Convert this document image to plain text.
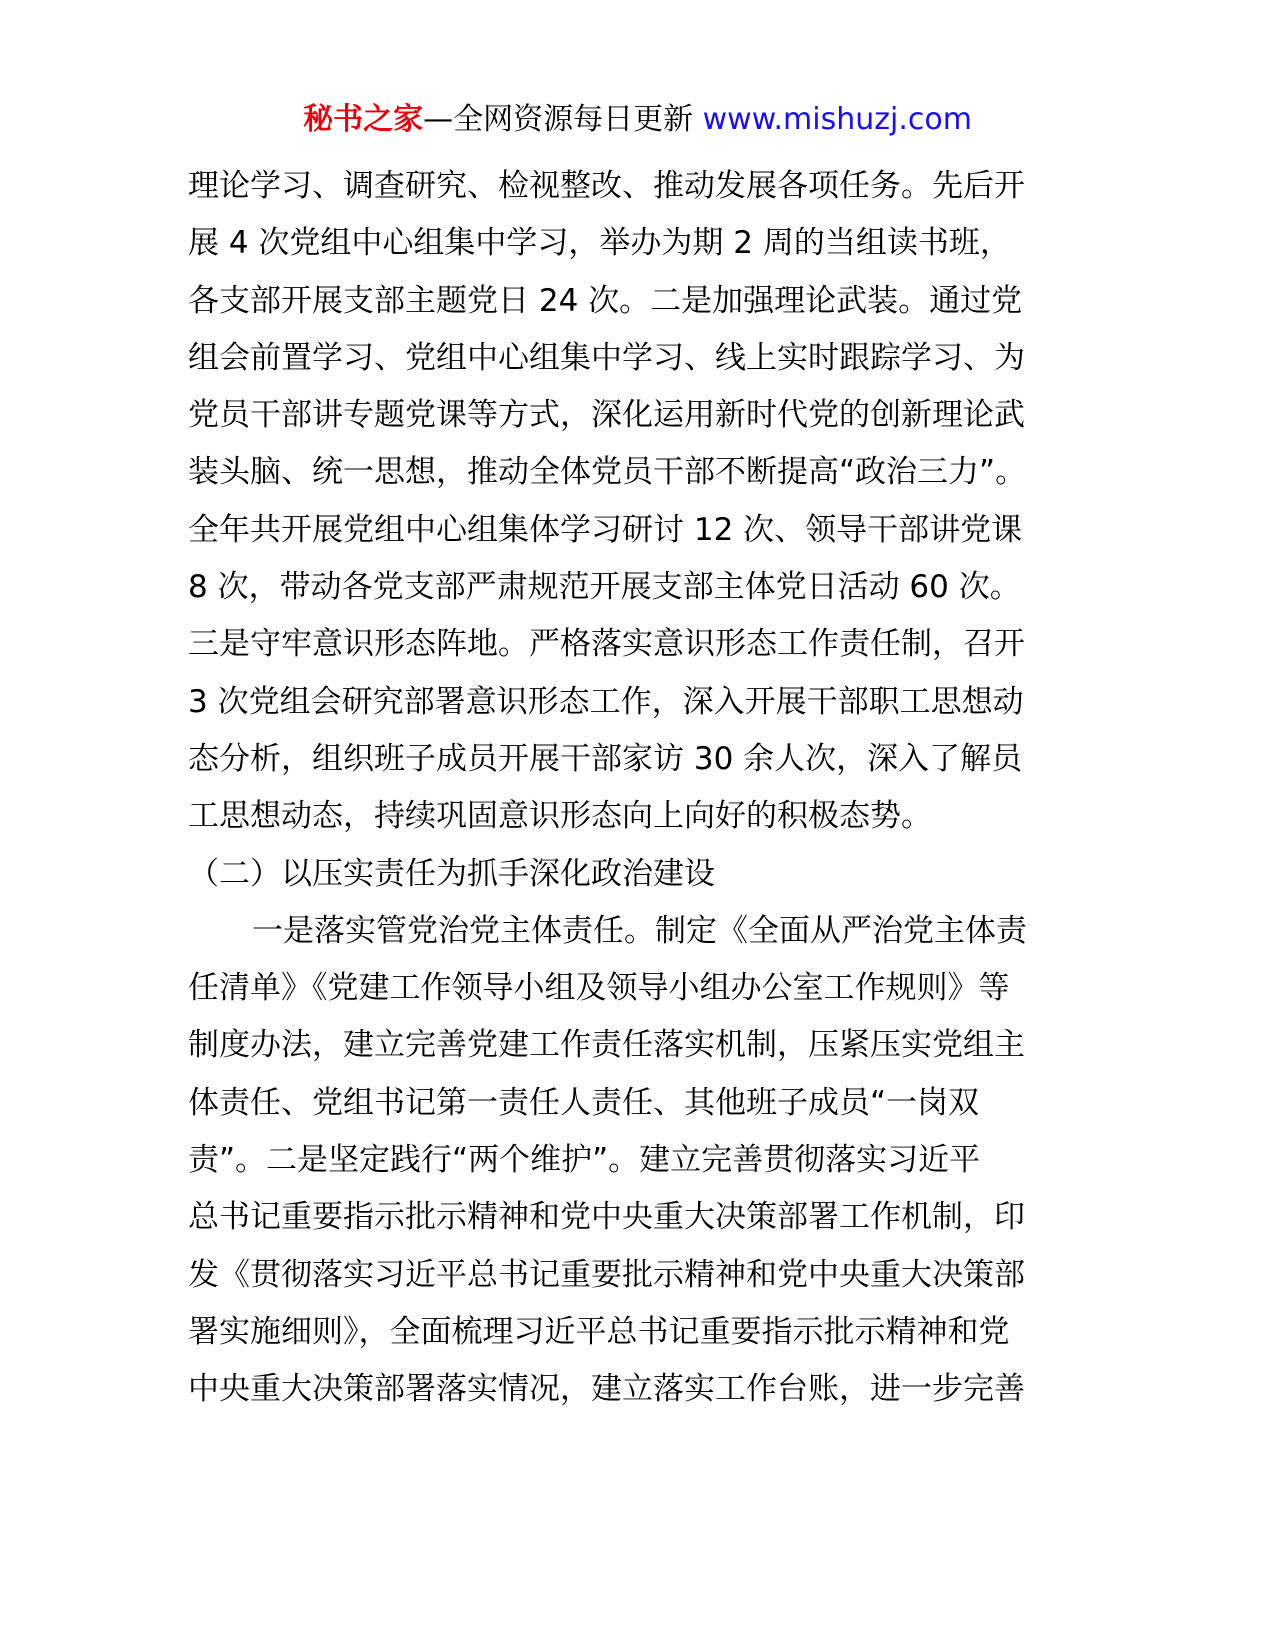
秘书之家—全网资源每日更新 www.mishuzj.com
理论学习、调查研究、检视整改、推动发展各项任务。先后开
展 4 次党组中心组集中学习，举办为期 2 周的当组读书班，
各支部开展支部主题党日 24 次。二是加强理论武装。通过党
组会前置学习、党组中心组集中学习、线上实时跟踪学习、为
党员干部讲专题党课等方式，深化运用新时代党的创新理论武
装头脑、统一思想，推动全体党员干部不断提高“政治三力”。
全年共开展党组中心组集体学习研讨 12 次、领导干部讲党课
8 次，带动各党支部严肃规范开展支部主体党日活动 60 次。
三是守牢意识形态阵地。严格落实意识形态工作责任制，召开
3 次党组会研究部署意识形态工作，深入开展干部职工思想动
态分析，组织班子成员开展干部家访 30 余人次，深入了解员
工思想动态，持续巩固意识形态向上向好的积极态势。
（二）以压实责任为抓手深化政治建设
一是落实管党治党主体责任。制定《全面从严治党主体责
任清单》《党建工作领导小组及领导小组办公室工作规则》等
制度办法，建立完善党建工作责任落实机制，压紧压实党组主
体责任、党组书记第一责任人责任、其他班子成员“一岗双
责”。二是坚定践行“两个维护”。建立完善贯彻落实习近平
总书记重要指示批示精神和党中央重大决策部署工作机制，印
发《贯彻落实习近平总书记重要批示精神和党中央重大决策部
署实施细则》，全面梳理习近平总书记重要指示批示精神和党
中央重大决策部署落实情况，建立落实工作台账，进一步完善
